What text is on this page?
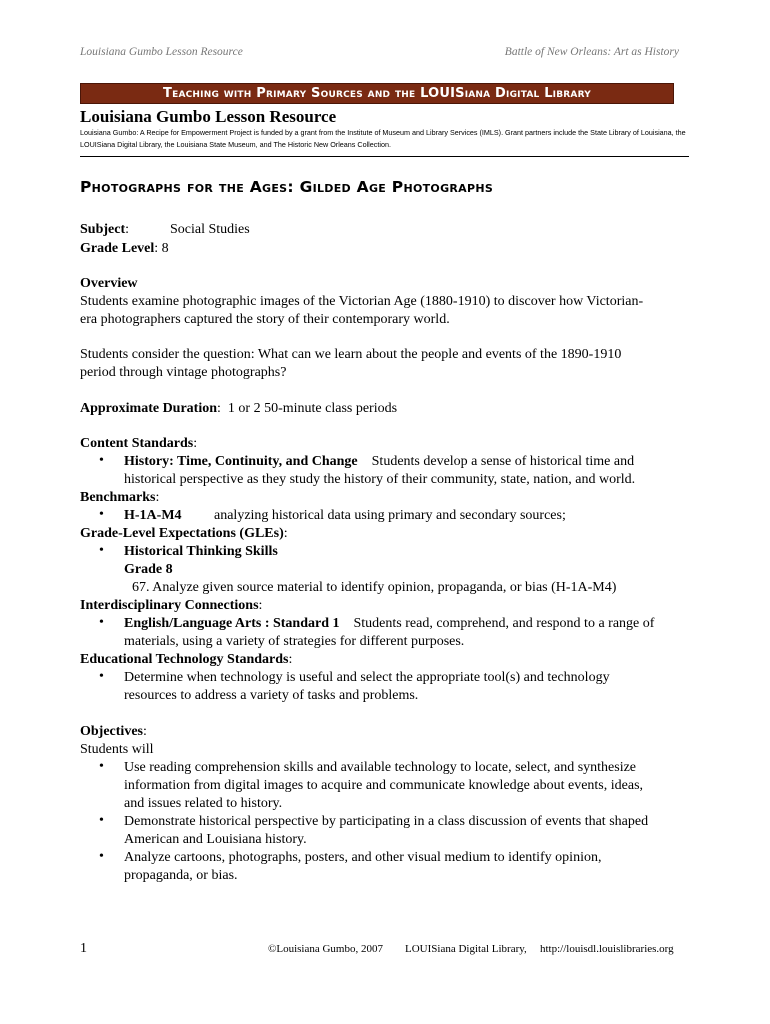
Louisiana Gumbo Lesson Resource	Battle of New Orleans: Art as History
Teaching with Primary Sources and the LOUISiana Digital Library
Louisiana Gumbo Lesson Resource
Louisiana Gumbo: A Recipe for Empowerment Project is funded by a grant from the Institute of Museum and Library Services (IMLS). Grant partners include the State Library of Louisiana, the
LOUISiana Digital Library, the Louisiana State Museum, and The Historic New Orleans Collection.
Photographs for the Ages: Gilded Age Photographs
Subject:	Social Studies
Grade Level: 8
Overview
Students examine photographic images of the Victorian Age (1880-1910) to discover how Victorian-
era photographers captured the story of their contemporary world.
Students consider the question: What can we learn about the people and events of the 1890-1910
period through vintage photographs?
Approximate Duration:  1 or 2 50-minute class periods
Content Standards:
• History: Time, Continuity, and Change Students develop a sense of historical time and
historical perspective as they study the history of their community, state, nation, and world.
Benchmarks:
• H-1A-M4 analyzing historical data using primary and secondary sources;
Grade-Level Expectations (GLEs):
• Historical Thinking Skills
Grade 8
67. Analyze given source material to identify opinion, propaganda, or bias (H-1A-M4)
Interdisciplinary Connections:
• English/Language Arts : Standard 1 Students read, comprehend, and respond to a range of
materials, using a variety of strategies for different purposes.
Educational Technology Standards:
• Determine when technology is useful and select the appropriate tool(s) and technology
resources to address a variety of tasks and problems.
Objectives:
Students will
• Use reading comprehension skills and available technology to locate, select, and synthesize
information from digital images to acquire and communicate knowledge about events, ideas,
and issues related to history.
• Demonstrate historical perspective by participating in a class discussion of events that shaped
American and Louisiana history.
• Analyze cartoons, photographs, posters, and other visual medium to identify opinion,
propaganda, or bias.
1	©Louisiana Gumbo, 2007 LOUISiana Digital Library, http://louisdl.louislibraries.org
